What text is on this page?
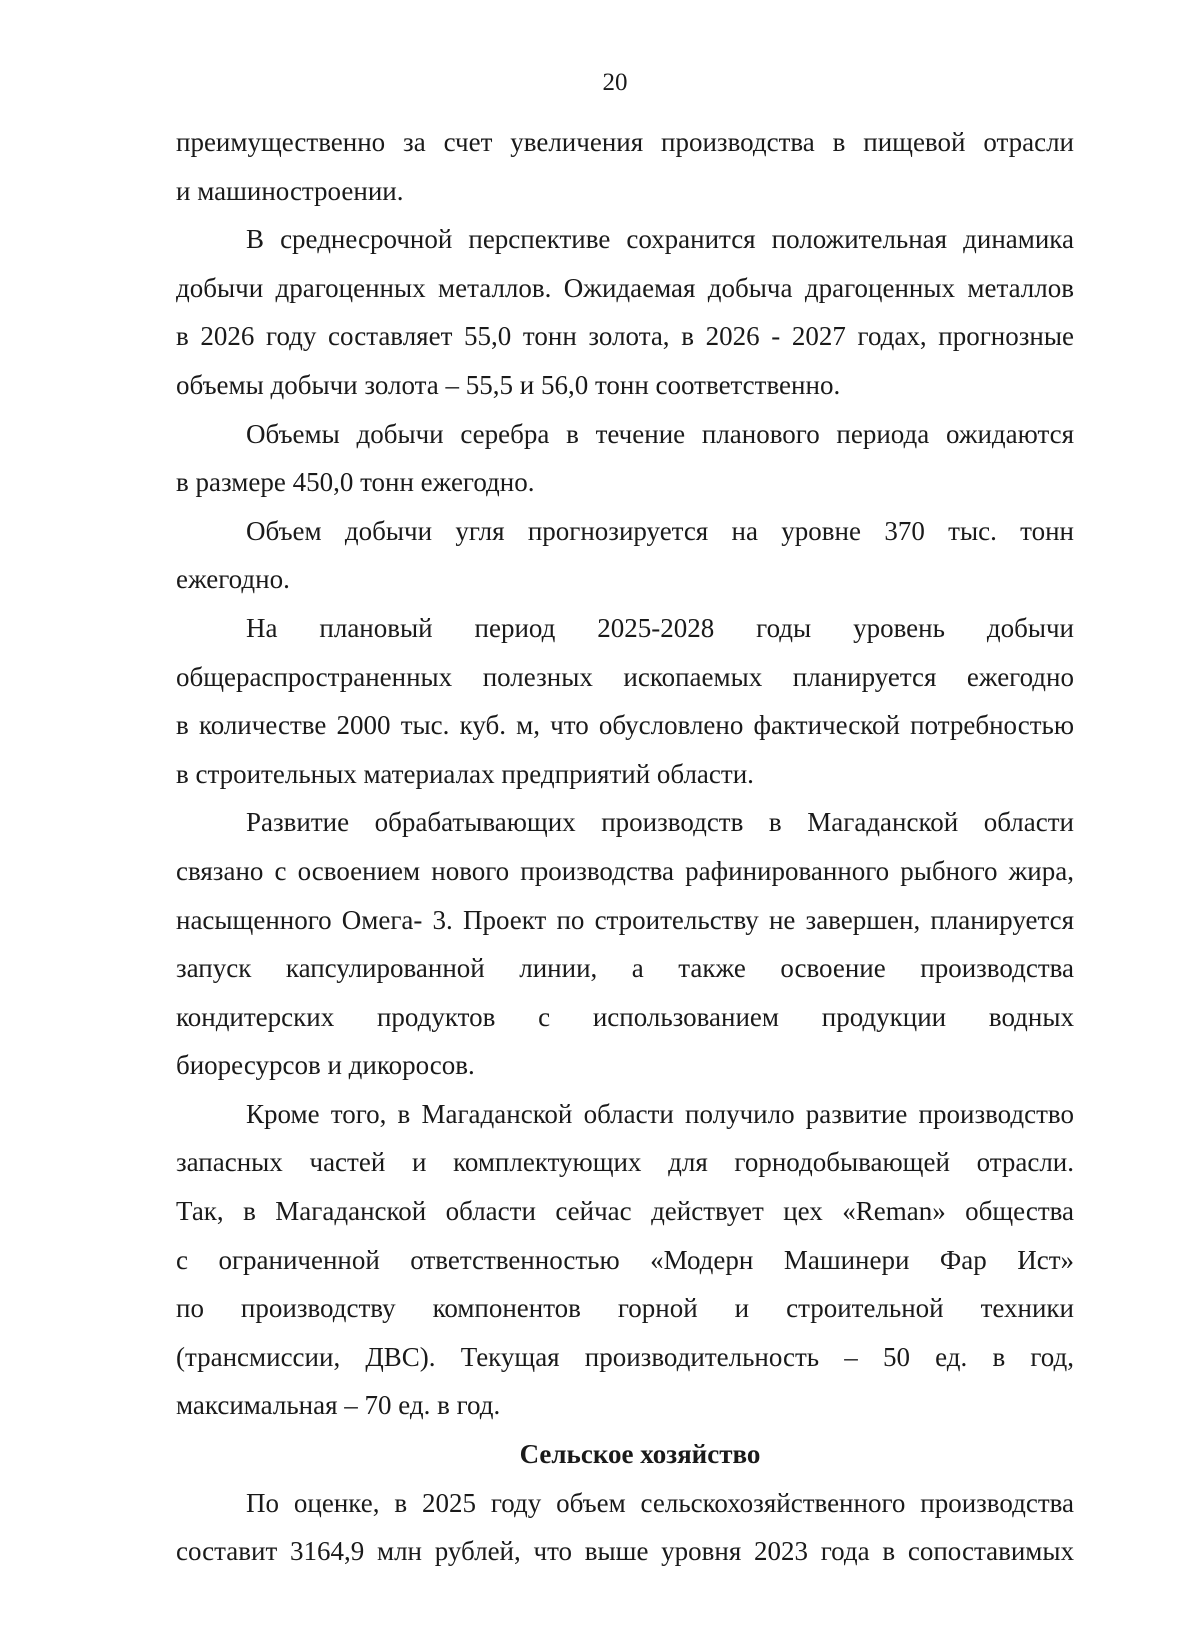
20

преимущественно за счет увеличения производства в пищевой отрасли
и машиностроении.

В среднесрочной перспективе сохранится положительная динамика
добычи драгоценных металлов. Ожидаемая добыча драгоценных металлов
в 2026 году составляет 55,0 тонн золота, в 2026 - 2027 годах, прогнозные
объемы добычи золота – 55,5 и 56,0 тонн соответственно.

Объемы добычи серебра в течение планового периода ожидаются
в размере 450,0 тонн ежегодно.

Объем добычи угля прогнозируется на уровне 370 тыс. тонн
ежегодно.

На плановый период 2025-2028 годы уровень добычи
общераспространенных полезных ископаемых планируется ежегодно
в количестве 2000 тыс. куб. м, что обусловлено фактической потребностью
в строительных материалах предприятий области.

Развитие обрабатывающих производств в Магаданской области
связано с освоением нового производства рафинированного рыбного жира,
насыщенного Омега- 3. Проект по строительству не завершен, планируется
запуск капсулированной линии, а также освоение производства
кондитерских продуктов с использованием продукции водных
биоресурсов и дикоросов.

Кроме того, в Магаданской области получило развитие производство
запасных частей и комплектующих для горнодобывающей отрасли.
Так, в Магаданской области сейчас действует цех «Reman» общества
с ограниченной ответственностью «Модерн Машинери Фар Ист»
по производству компонентов горной и строительной техники
(трансмиссии, ДВС). Текущая производительность – 50 ед. в год,
максимальная – 70 ед. в год.

Сельское хозяйство

По оценке, в 2025 году объем сельскохозяйственного производства
составит 3164,9 млн рублей, что выше уровня 2023 года в сопоставимых
